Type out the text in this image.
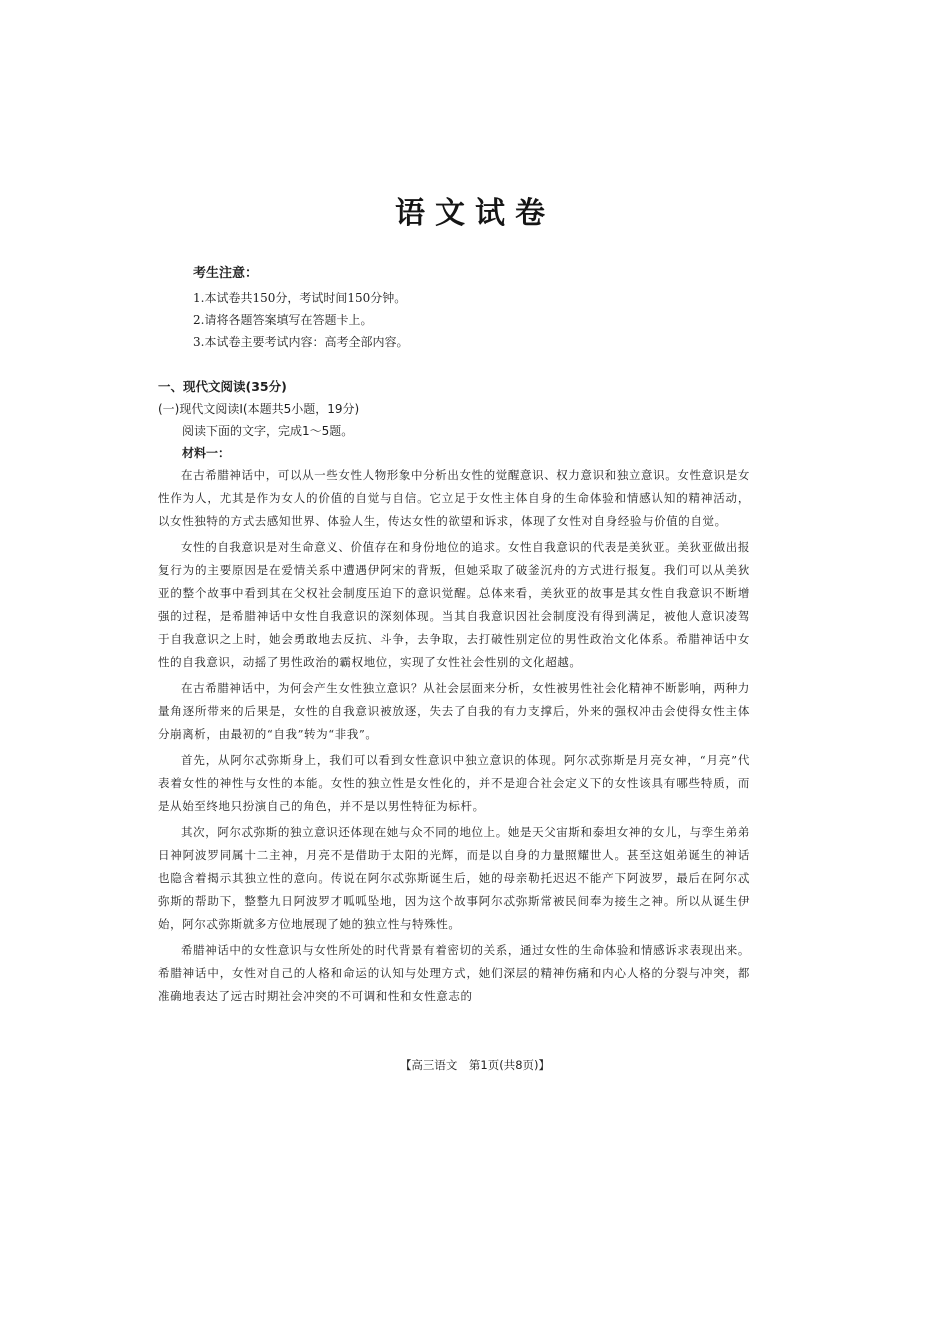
语文试卷
考生注意：
1.本试卷共150分，考试时间150分钟。
2.请将各题答案填写在答题卡上。
3.本试卷主要考试内容：高考全部内容。
一、现代文阅读(35分)
(一)现代文阅读Ⅰ(本题共5小题，19分)
阅读下面的文字，完成1～5题。
材料一：

在古希腊神话中，可以从一些女性人物形象中分析出女性的觉醒意识、权力意识和独立意识。女性意识是女性作为人，尤其是作为女人的价值的自觉与自信。它立足于女性主体自身的生命体验和情感认知的精神活动，以女性独特的方式去感知世界、体验人生，传达女性的欲望和诉求，体现了女性对自身经验与价值的自觉。

女性的自我意识是对生命意义、价值存在和身份地位的追求。女性自我意识的代表是美狄亚。美狄亚做出报复行为的主要原因是在爱情关系中遭遇伊阿宋的背叛，但她采取了破釜沉舟的方式进行报复。我们可以从美狄亚的整个故事中看到其在父权社会制度压迫下的意识觉醒。总体来看，美狄亚的故事是其女性自我意识不断增强的过程，是希腊神话中女性自我意识的深刻体现。当其自我意识因社会制度没有得到满足，被他人意识凌驾于自我意识之上时，她会勇敢地去反抗、斗争，去争取，去打破性别定位的男性政治文化体系。希腊神话中女性的自我意识，动摇了男性政治的霸权地位，实现了女性社会性别的文化超越。

在古希腊神话中，为何会产生女性独立意识？从社会层面来分析，女性被男性社会化精神不断影响，两种力量角逐所带来的后果是，女性的自我意识被放逐，失去了自我的有力支撑后，外来的强权冲击会使得女性主体分崩离析，由最初的“自我”转为“非我”。

首先，从阿尔忒弥斯身上，我们可以看到女性意识中独立意识的体现。阿尔忒弥斯是月亮女神，“月亮”代表着女性的神性与女性的本能。女性的独立性是女性化的，并不是迎合社会定义下的女性该具有哪些特质，而是从始至终地只扮演自己的角色，并不是以男性特征为标杆。

其次，阿尔忒弥斯的独立意识还体现在她与众不同的地位上。她是天父宙斯和泰坦女神的女儿，与孪生弟弟日神阿波罗同属十二主神，月亮不是借助于太阳的光辉，而是以自身的力量照耀世人。甚至这姐弟诞生的神话也隐含着揭示其独立性的意向。传说在阿尔忒弥斯诞生后，她的母亲勒托迟迟不能产下阿波罗，最后在阿尔忒弥斯的帮助下，整整九日阿波罗才呱呱坠地，因为这个故事阿尔忒弥斯常被民间奉为接生之神。所以从诞生伊始，阿尔忒弥斯就多方位地展现了她的独立性与特殊性。

希腊神话中的女性意识与女性所处的时代背景有着密切的关系，通过女性的生命体验和情感诉求表现出来。希腊神话中，女性对自己的人格和命运的认知与处理方式，她们深层的精神伤痛和内心人格的分裂与冲突，都准确地表达了远古时期社会冲突的不可调和性和女性意志的

【高三语文　第1页(共8页)】
